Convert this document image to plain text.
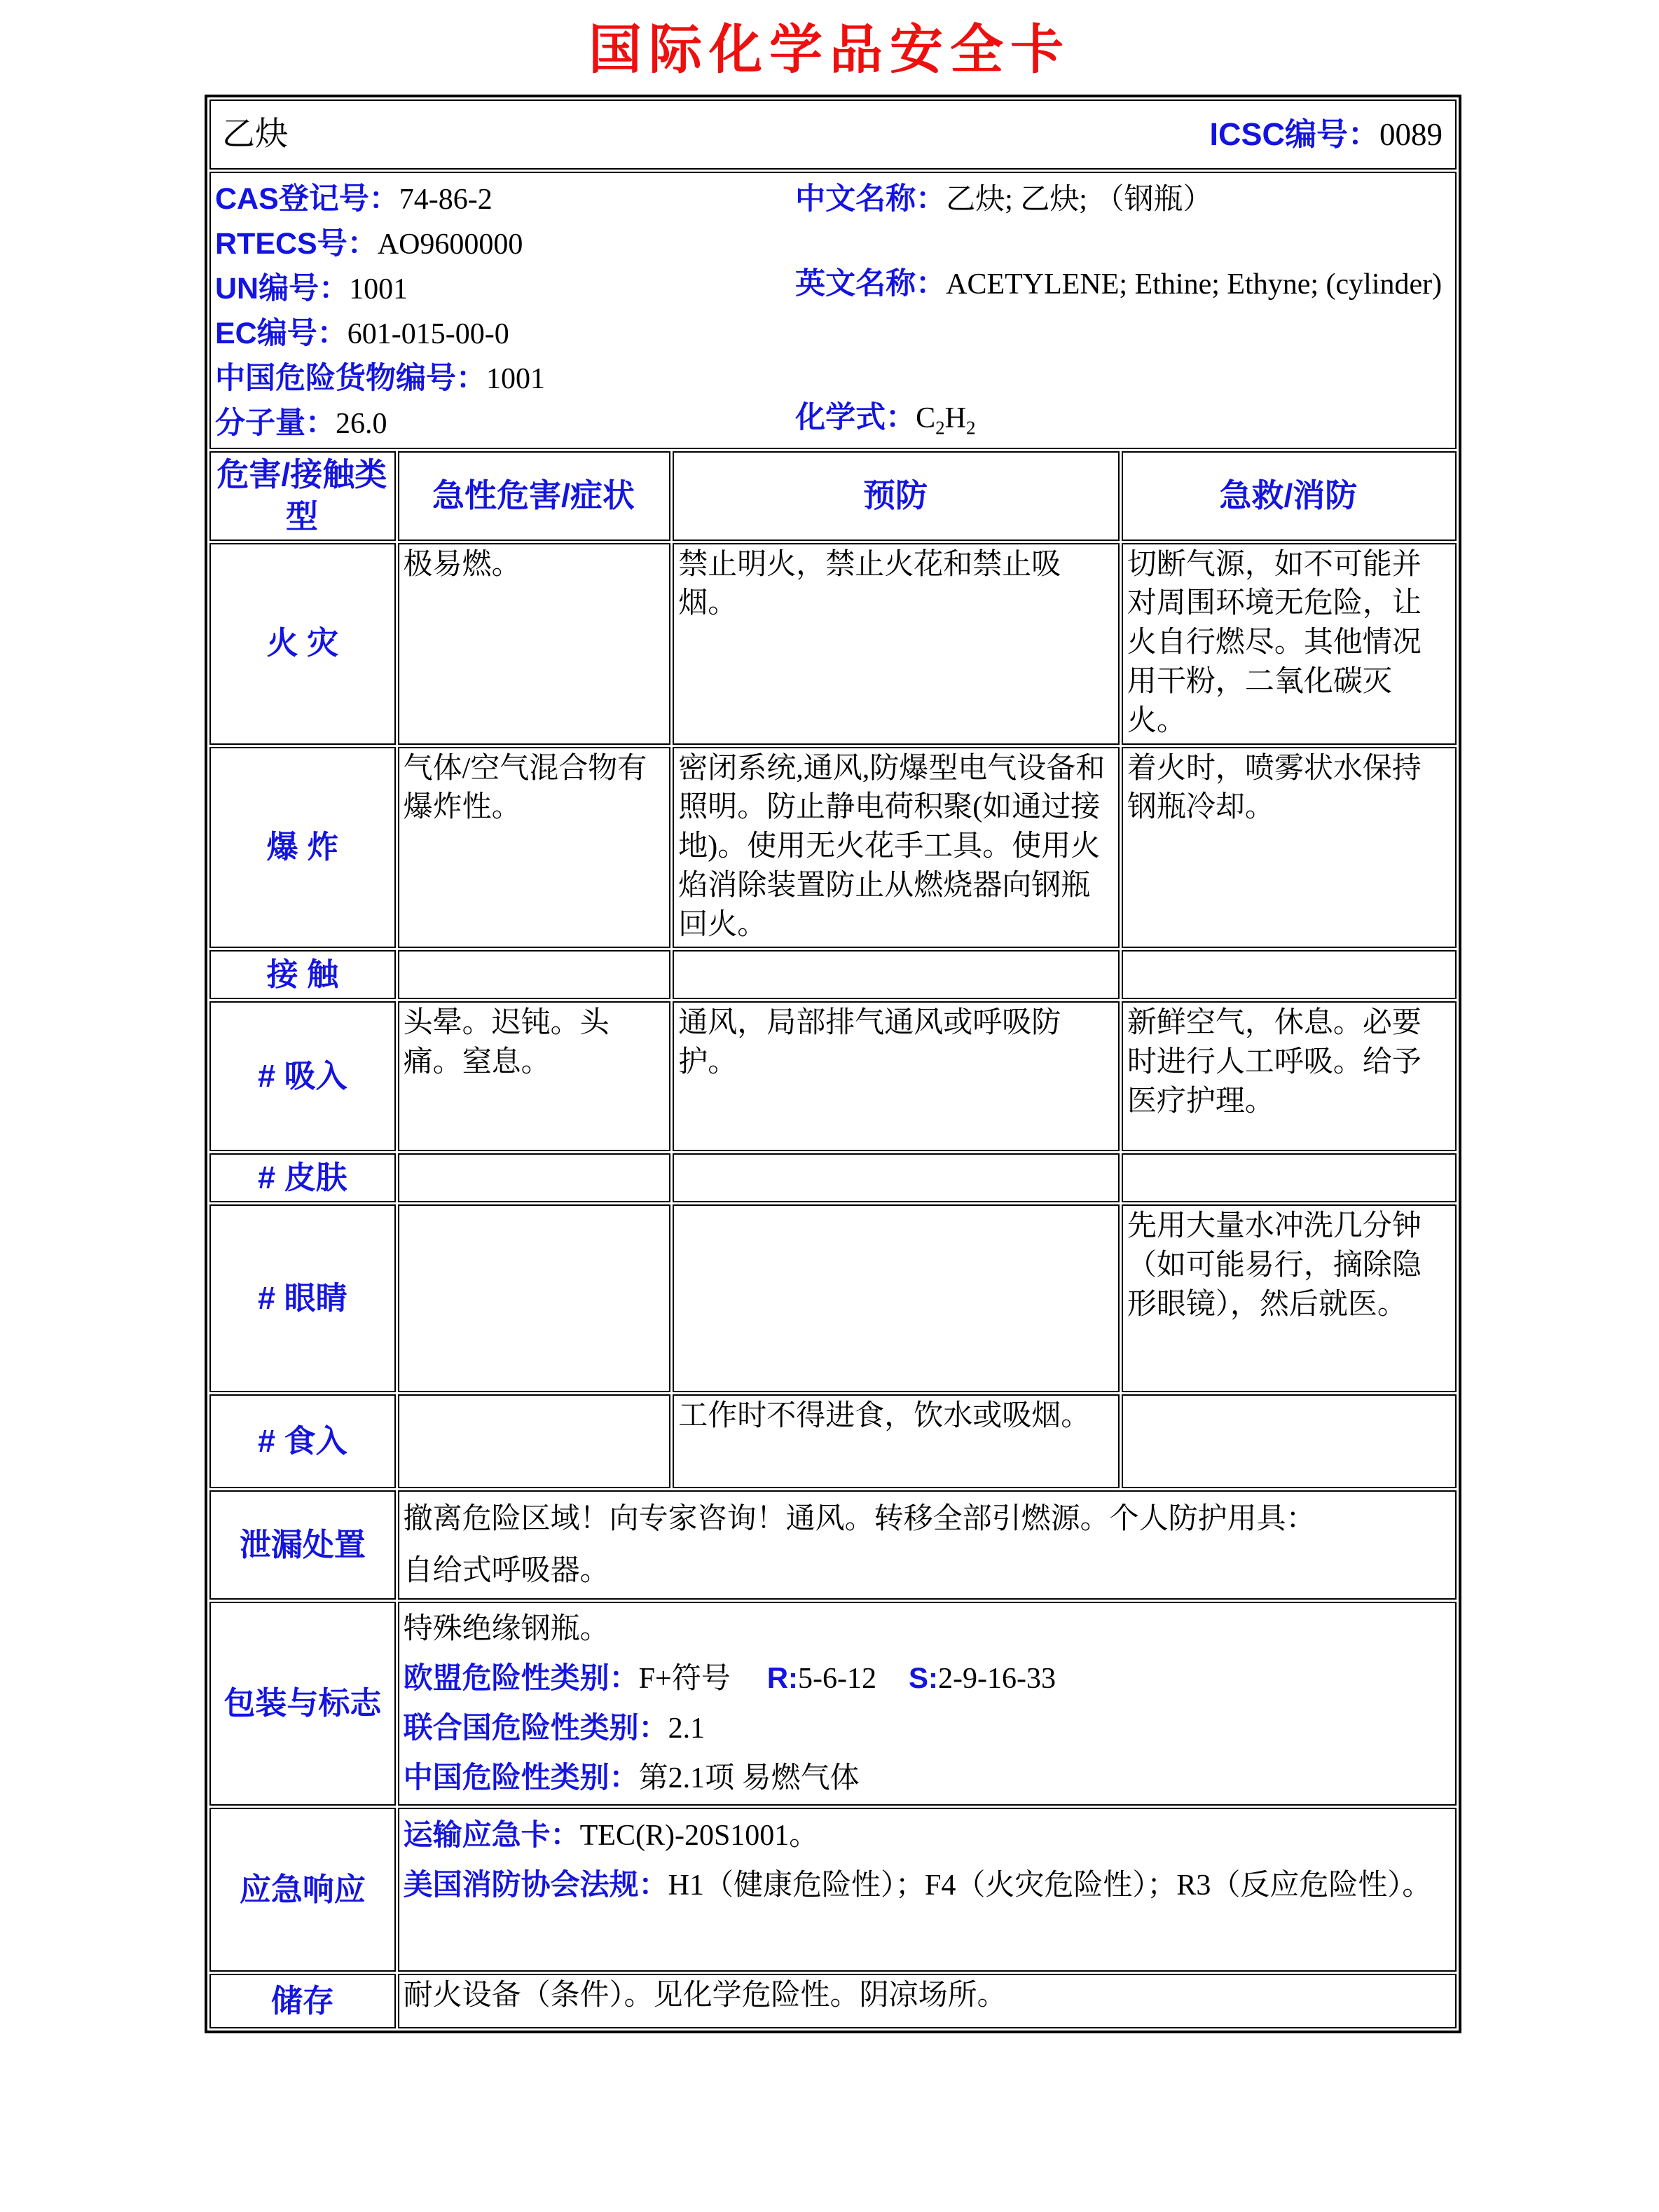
国际化学品安全卡
乙炔 ICSC编号：0089			

CAS登记号：74-86-2
RTECS号：AO9600000
UN编号：1001
EC编号：601-015-00-0
中国危险货物编号：1001
分子量：26.0
中文名称：乙炔; 乙炔; （钢瓶）
英文名称：ACETYLENE; Ethine; Ethyne; (cylinder)
化学式：$C_2H_2$

危害/接触类型	急性危害/症状	预防	急救/消防
火 灾	极易燃。	禁止明火，禁止火花和禁止吸烟。	切断气源，如不可能并对周围环境无危险，让火自行燃尽。其他情况用干粉，二氧化碳灭火。
爆 炸	气体/空气混合物有爆炸性。	密闭系统,通风,防爆型电气设备和照明。防止静电荷积聚(如通过接地)。使用无火花手工具。使用火焰消除装置防止从燃烧器向钢瓶回火。	着火时，喷雾状水保持钢瓶冷却。
接 触			
# 吸入	头晕。迟钝。头痛。窒息。	通风，局部排气通风或呼吸防护。	新鲜空气，休息。必要时进行人工呼吸。给予医疗护理。
# 皮肤			
# 眼睛			先用大量水冲洗几分钟（如可能易行，摘除隐形眼镜），然后就医。
# 食入		工作时不得进食，饮水或吸烟。	
泄漏处置	撤离危险区域！向专家咨询！通风。转移全部引燃源。个人防护用具：
自给式呼吸器。		

包装与标志	特殊绝缘钢瓶。
欧盟危险性类别：F+符号 R:5-6-12 S:2-9-16-33
联合国危险性类别：2.1
中国危险性类别：第2.1项 易燃气体		

应急响应	运输应急卡：TEC(R)-20S1001。
美国消防协会法规：H1（健康危险性）；F4（火灾危险性）；R3（反应危险性）。		

储存	耐火设备（条件）。见化学危险性。阴凉场所。		
